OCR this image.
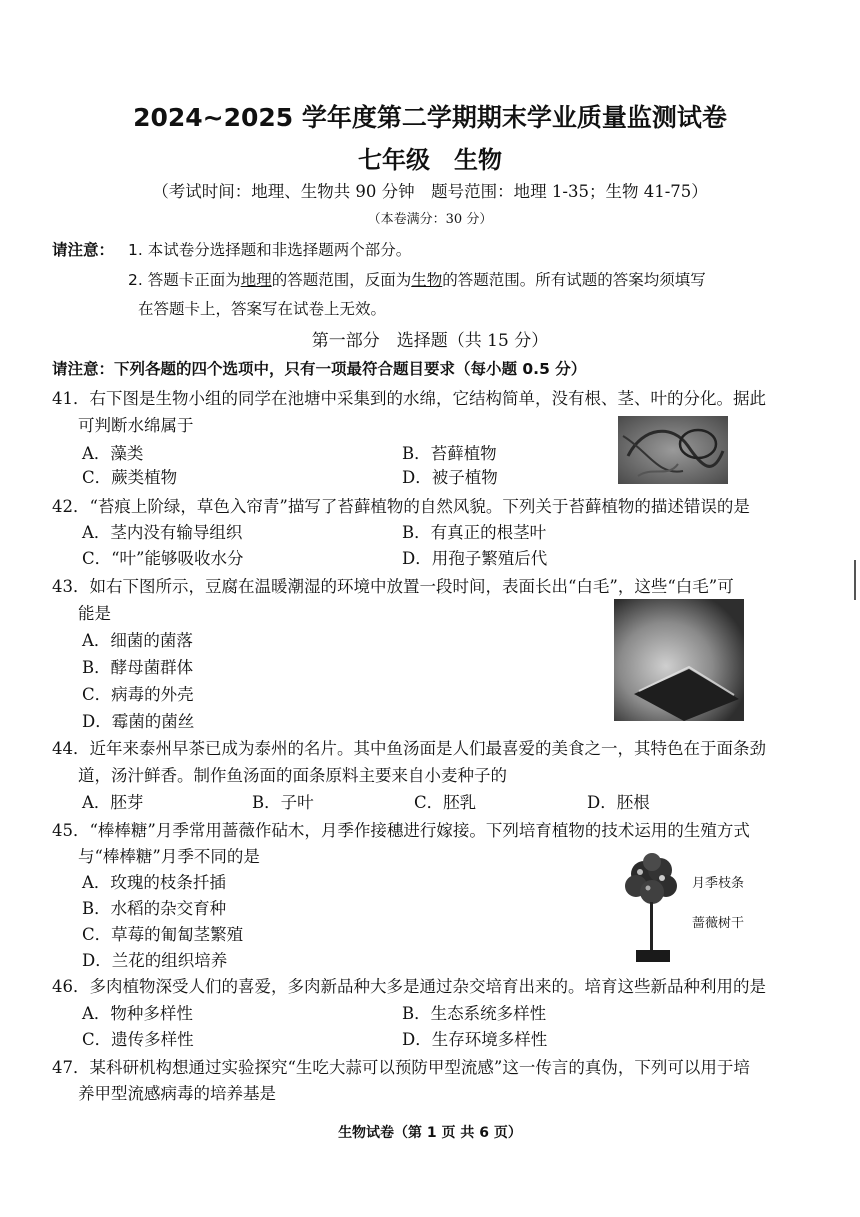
2024~2025 学年度第二学期期末学业质量监测试卷
七年级　生物
（考试时间：地理、生物共 90 分钟　题号范围：地理 1-35；生物 41-75）
（本卷满分：30 分）
请注意： 1. 本试卷分选择题和非选择题两个部分。
2. 答题卡正面为地理的答题范围，反面为生物的答题范围。所有试题的答案均须填写
在答题卡上，答案写在试卷上无效。
第一部分　选择题（共 15 分）
请注意：下列各题的四个选项中，只有一项最符合题目要求（每小题 0.5 分）
41．右下图是生物小组的同学在池塘中采集到的水绵，它结构简单，没有根、茎、叶的分化。据此
可判断水绵属于
A．藻类	B．苔藓植物
C．蕨类植物	D．被子植物
42．“苔痕上阶绿，草色入帘青”描写了苔藓植物的自然风貌。下列关于苔藓植物的描述错误的是
A．茎内没有输导组织	B．有真正的根茎叶
C．“叶”能够吸收水分	D．用孢子繁殖后代
43．如右下图所示，豆腐在温暖潮湿的环境中放置一段时间，表面长出“白毛”，这些“白毛”可
能是
A．细菌的菌落
B．酵母菌群体
C．病毒的外壳
D．霉菌的菌丝
44．近年来泰州早茶已成为泰州的名片。其中鱼汤面是人们最喜爱的美食之一，其特色在于面条劲
道，汤汁鲜香。制作鱼汤面的面条原料主要来自小麦种子的
A．胚芽	B．子叶	C．胚乳	D．胚根
45．“棒棒糖”月季常用蔷薇作砧木，月季作接穗进行嫁接。下列培育植物的技术运用的生殖方式
与“棒棒糖”月季不同的是
A．玫瑰的枝条扦插
B．水稻的杂交育种
C．草莓的匍匐茎繁殖
D．兰花的组织培养
月季枝条
蔷薇树干
46．多肉植物深受人们的喜爱，多肉新品种大多是通过杂交培育出来的。培育这些新品种利用的是
A．物种多样性	B．生态系统多样性
C．遗传多样性	D．生存环境多样性
47．某科研机构想通过实验探究“生吃大蒜可以预防甲型流感”这一传言的真伪，下列可以用于培
养甲型流感病毒的培养基是
生物试卷（第 1 页 共 6 页）
